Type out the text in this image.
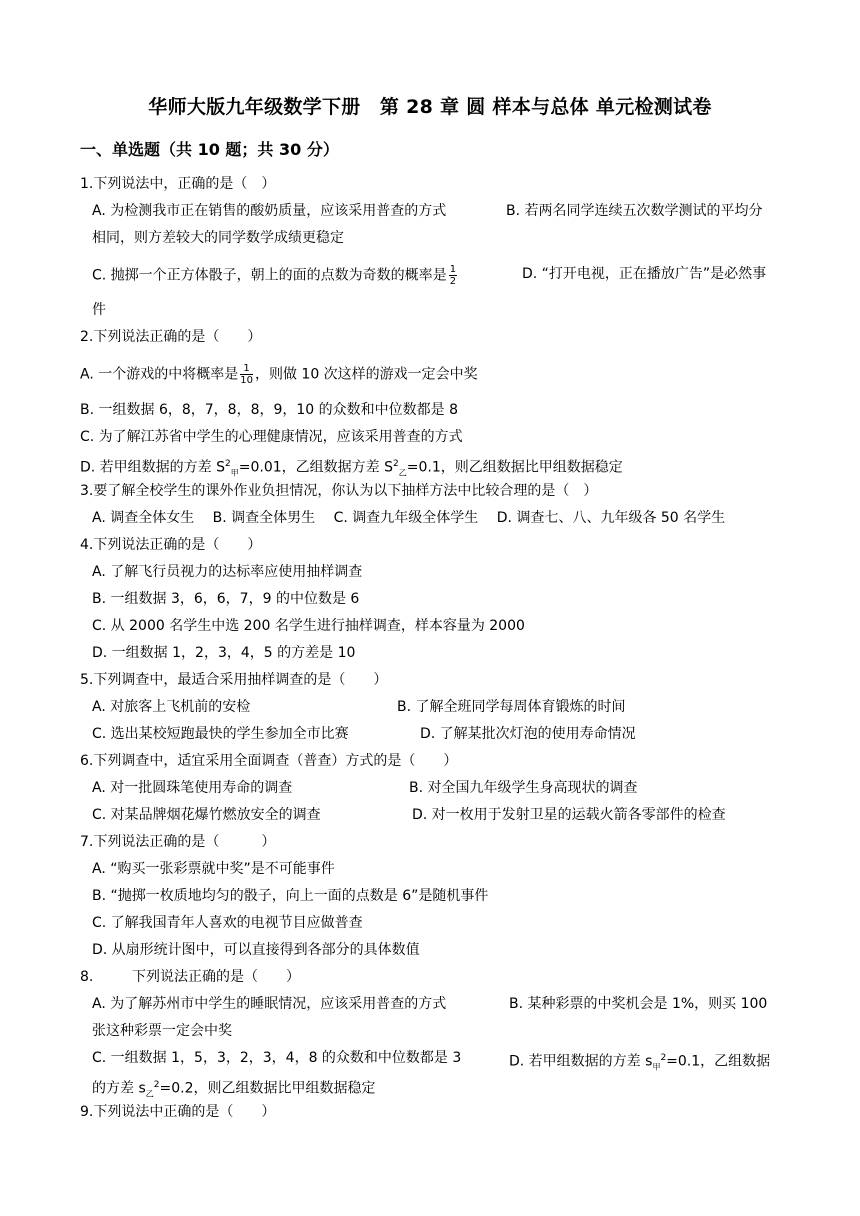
华师大版九年级数学下册　第 28 章 圆 样本与总体 单元检测试卷
一、单选题（共 10 题；共 30 分）
1.下列说法中，正确的是（　）
A. 为检测我市正在销售的酸奶质量，应该采用普查的方式	B. 若两名同学连续五次数学测试的平均分
相同，则方差较大的同学数学成绩更稳定
C. 抛掷一个正方体骰子，朝上的面的点数为奇数的概率是 $\frac{1}{2}$	D. “打开电视，正在播放广告”是必然事
件
2.下列说法正确的是（　　）
A. 一个游戏的中将概率是 $\frac{1}{10}$ ，则做 10 次这样的游戏一定会中奖
B. 一组数据 6，8，7，8，8，9，10 的众数和中位数都是 8
C. 为了解江苏省中学生的心理健康情况，应该采用普查的方式
D. 若甲组数据的方差 $S^2_甲=0.01$，乙组数据方差 $S^2_乙=0.1$，则乙组数据比甲组数据稳定
3.要了解全校学生的课外作业负担情况，你认为以下抽样方法中比较合理的是（　）
A. 调查全体女生　 B. 调查全体男生　 C. 调查九年级全体学生　 D. 调查七、八、九年级各 50 名学生
4.下列说法正确的是（　　）
A. 了解飞行员视力的达标率应使用抽样调查
B. 一组数据 3，6，6，7，9 的中位数是 6
C. 从 2000 名学生中选 200 名学生进行抽样调查，样本容量为 2000
D. 一组数据 1，2，3，4，5 的方差是 10
5.下列调查中，最适合采用抽样调查的是（　　）
A. 对旅客上飞机前的安检	B. 了解全班同学每周体育锻炼的时间
C. 选出某校短跑最快的学生参加全市比赛	D. 了解某批次灯泡的使用寿命情况
6.下列调查中，适宜采用全面调查（普查）方式的是（　　）
A. 对一批圆珠笔使用寿命的调查	B. 对全国九年级学生身高现状的调查
C. 对某品牌烟花爆竹燃放安全的调查	D. 对一枚用于发射卫星的运载火箭各零部件的检查
7.下列说法正确的是（　　　）
A. “购买一张彩票就中奖”是不可能事件
B. “抛掷一枚质地均匀的骰子，向上一面的点数是 6”是随机事件
C. 了解我国青年人喜欢的电视节目应做普查
D. 从扇形统计图中，可以直接得到各部分的具体数值
8.	下列说法正确的是（　　）
A. 为了解苏州市中学生的睡眠情况，应该采用普查的方式	B. 某种彩票的中奖机会是 1%，则买 100
张这种彩票一定会中奖
C. 一组数据 1，5，3，2，3，4，8 的众数和中位数都是 3	D. 若甲组数据的方差 $s_甲^2=0.1$，乙组数据
的方差 $s_乙^2=0.2$，则乙组数据比甲组数据稳定
9.下列说法中正确的是（　　）
